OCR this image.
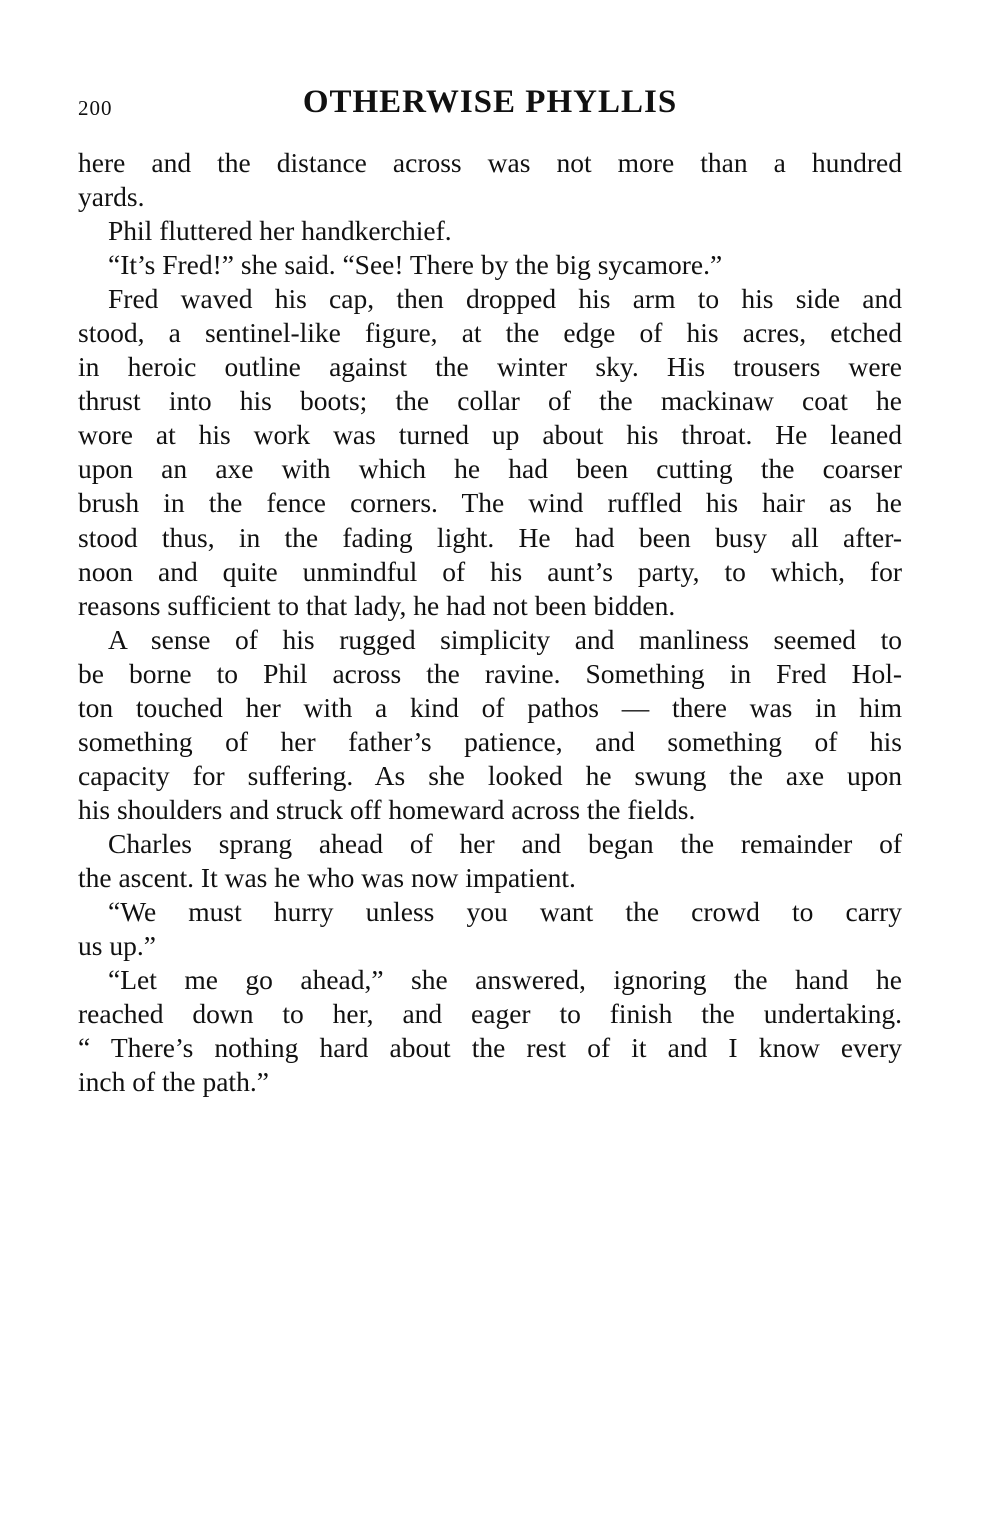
200	OTHERWISE PHYLLIS
here and the distance across was not more than a hundred
yards.
Phil fluttered her handkerchief.
“It’s Fred!” she said. “See! There by the big sycamore.”
Fred waved his cap, then dropped his arm to his side and
stood, a sentinel-like figure, at the edge of his acres, etched
in heroic outline against the winter sky. His trousers were
thrust into his boots; the collar of the mackinaw coat he
wore at his work was turned up about his throat. He leaned
upon an axe with which he had been cutting the coarser
brush in the fence corners. The wind ruffled his hair as he
stood thus, in the fading light. He had been busy all after-
noon and quite unmindful of his aunt’s party, to which, for
reasons sufficient to that lady, he had not been bidden.
A sense of his rugged simplicity and manliness seemed to
be borne to Phil across the ravine. Something in Fred Hol-
ton touched her with a kind of pathos — there was in him
something of her father’s patience, and something of his
capacity for suffering. As she looked he swung the axe upon
his shoulders and struck off homeward across the fields.
Charles sprang ahead of her and began the remainder of
the ascent. It was he who was now impatient.
“We must hurry unless you want the crowd to carry
us up.”
“Let me go ahead,” she answered, ignoring the hand he
reached down to her, and eager to finish the undertaking.
“ There’s nothing hard about the rest of it and I know every
inch of the path.”
